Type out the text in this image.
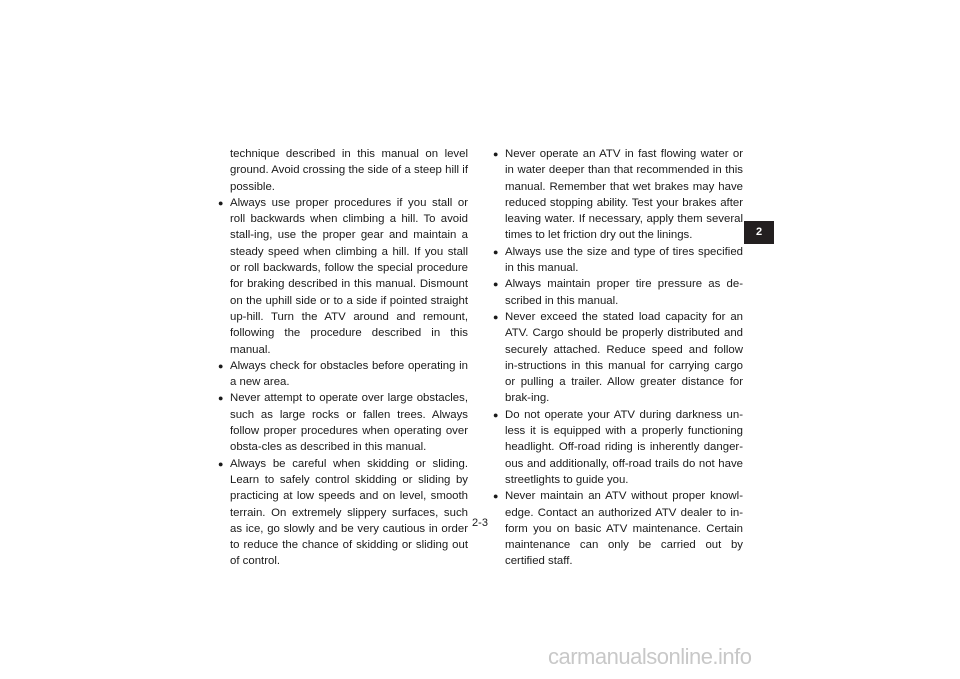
technique described in this manual on level ground. Avoid crossing the side of a steep hill if possible.

● Always use proper procedures if you stall or roll backwards when climbing a hill. To avoid stall-ing, use the proper gear and maintain a steady speed when climbing a hill. If you stall or roll backwards, follow the special procedure for braking described in this manual. Dismount on the uphill side or to a side if pointed straight up-hill. Turn the ATV around and remount, following the procedure described in this manual.

● Always check for obstacles before operating in a new area.

● Never attempt to operate over large obstacles, such as large rocks or fallen trees. Always follow proper procedures when operating over obsta-cles as described in this manual.

● Always be careful when skidding or sliding. Learn to safely control skidding or sliding by practicing at low speeds and on level, smooth terrain. On extremely slippery surfaces, such as ice, go slowly and be very cautious in order to reduce the chance of skidding or sliding out of control.

● Never operate an ATV in fast flowing water or in water deeper than that recommended in this manual. Remember that wet brakes may have reduced stopping ability. Test your brakes after leaving water. If necessary, apply them several times to let friction dry out the linings.

● Always use the size and type of tires specified in this manual.

● Always maintain proper tire pressure as de-scribed in this manual.

● Never exceed the stated load capacity for an ATV. Cargo should be properly distributed and securely attached. Reduce speed and follow in-structions in this manual for carrying cargo or pulling a trailer. Allow greater distance for brak-ing.

● Do not operate your ATV during darkness un-less it is equipped with a properly functioning headlight. Off-road riding is inherently danger-ous and additionally, off-road trails do not have streetlights to guide you.

● Never maintain an ATV without proper knowl-edge. Contact an authorized ATV dealer to in-form you on basic ATV maintenance. Certain maintenance can only be carried out by certified staff.

2
2-3
carmanualsonline.info
